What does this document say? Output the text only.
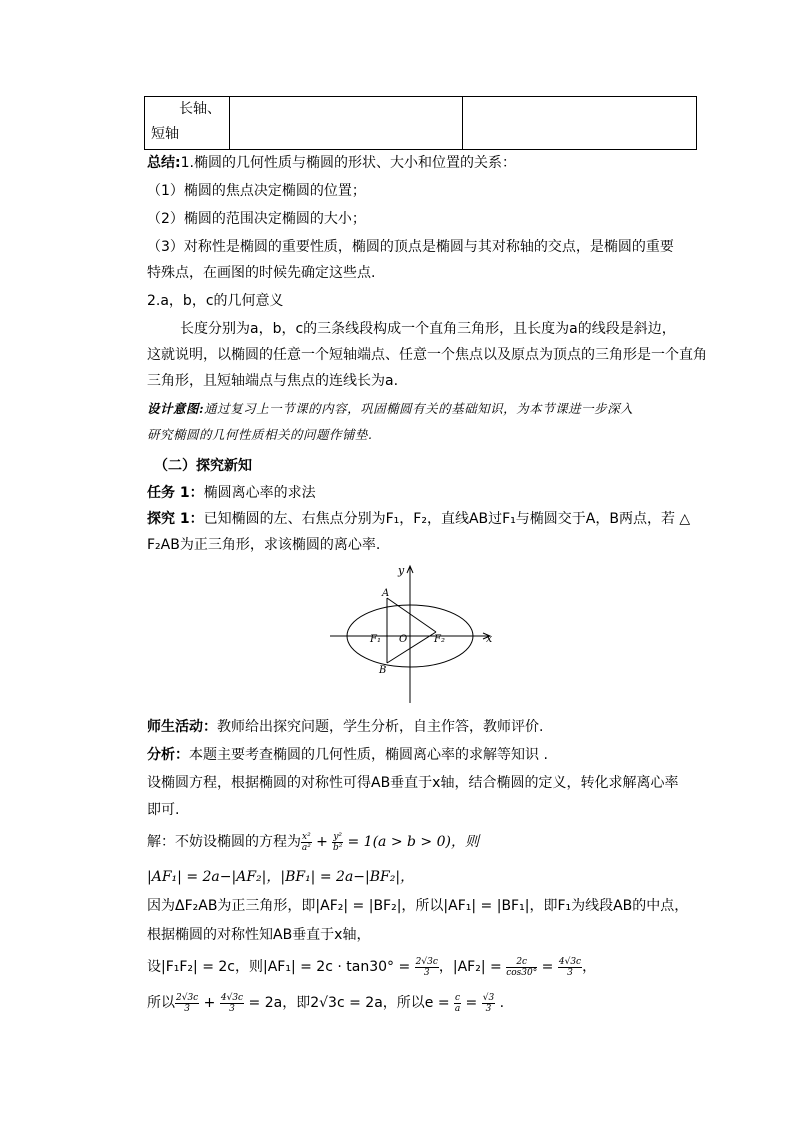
长轴、
短轴

总结:1.椭圆的几何性质与椭圆的形状、大小和位置的关系：
（1）椭圆的焦点决定椭圆的位置；
（2）椭圆的范围决定椭圆的大小；
（3）对称性是椭圆的重要性质，椭圆的顶点是椭圆与其对称轴的交点，是椭圆的重要
特殊点，在画图的时候先确定这些点.
2.a，b，c的几何意义
长度分别为a，b，c的三条线段构成一个直角三角形，且长度为a的线段是斜边，
这就说明，以椭圆的任意一个短轴端点、任意一个焦点以及原点为顶点的三角形是一个直角
三角形，且短轴端点与焦点的连线长为a.
设计意图:通过复习上一节课的内容，巩固椭圆有关的基础知识，为本节课进一步深入
研究椭圆的几何性质相关的问题作铺垫.
（二）探究新知
任务 1：椭圆离心率的求法
探究 1：已知椭圆的左、右焦点分别为F₁，F₂，直线AB过F₁与椭圆交于A，B两点，若 △
F₂AB为正三角形，求该椭圆的离心率.
y
x
A
B
O
F₁	F₂
师生活动：教师给出探究问题，学生分析，自主作答，教师评价.
分析：本题主要考查椭圆的几何性质，椭圆离心率的求解等知识 .
设椭圆方程，根据椭圆的对称性可得AB垂直于x轴，结合椭圆的定义，转化求解离心率
即可.
解：不妨设椭圆的方程为 $\frac{\text{x²}}{\text{a²}} + \frac{\text{y²}}{\text{b²}} = 1(a > b > 0)$，则
|AF₁| = 2a−|AF₂|，|BF₁| = 2a−|BF₂|，
因为ΔF₂AB为正三角形，即|AF₂| = |BF₂|，所以|AF₁| = |BF₁|，即F₁为线段AB的中点，
根据椭圆的对称性知AB垂直于x轴，
设|F₁F₂| = 2c，则$|AF_1| = 2c \cdot \tan 30^\circ = \frac{2√3c}{3}$ ，$|AF_2| = \frac{2c}{\cos 30^\circ} = \frac{4√3c}{3}$ ，
所以 $\frac{2√3c}{3} + \frac{4√3c}{3} = 2a$，即2√3c = 2a，所以$e = \frac{c}{a} = \frac{√3}{3}$ .
